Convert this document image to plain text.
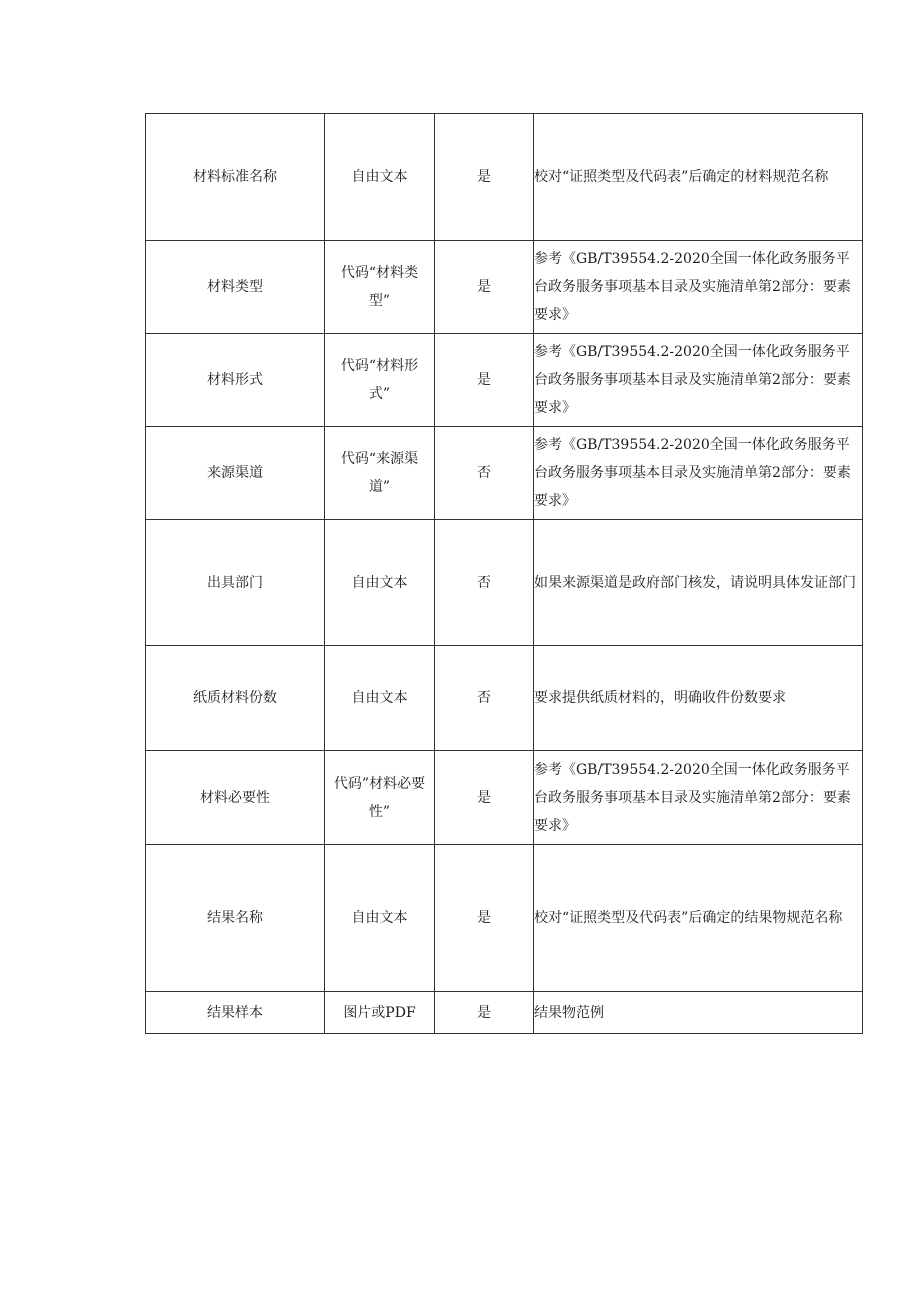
材料标准名称	自由文本	是	校对“证照类型及代码表”后确定的材料规范名称
材料类型	代码“材料类型”	是	参考《GB/T39554.2-2020全国一体化政务服务平台政务服务事项基本目录及实施清单第2部分：要素要求》
材料形式	代码“材料形式”	是	参考《GB/T39554.2-2020全国一体化政务服务平台政务服务事项基本目录及实施清单第2部分：要素要求》
来源渠道	代码“来源渠道”	否	参考《GB/T39554.2-2020全国一体化政务服务平台政务服务事项基本目录及实施清单第2部分：要素要求》
出具部门	自由文本	否	如果来源渠道是政府部门核发，请说明具体发证部门
纸质材料份数	自由文本	否	要求提供纸质材料的，明确收件份数要求
材料必要性	代码”材料必要性”	是	参考《GB/T39554.2-2020全国一体化政务服务平台政务服务事项基本目录及实施清单第2部分：要素要求》
结果名称	自由文本	是	校对“证照类型及代码表”后确定的结果物规范名称
结果样本	图片或PDF	是	结果物范例
